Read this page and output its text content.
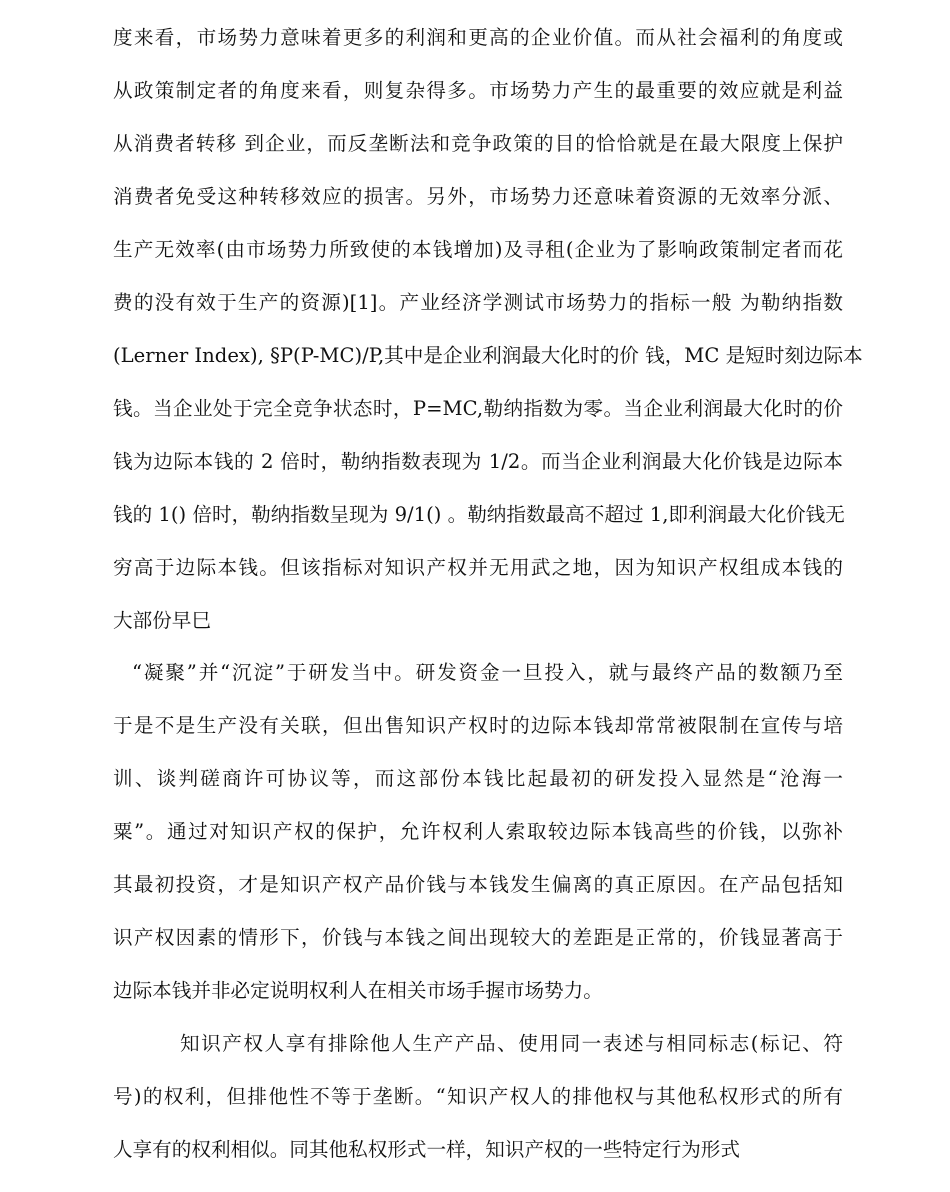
度来看，市场势力意味着更多的利润和更高的企业价值。而从社会福利的角度或
从政策制定者的角度来看，则复杂得多。市场势力产生的最重要的效应就是利益
从消费者转移 到企业，而反垄断法和竞争政策的目的恰恰就是在最大限度上保护
消费者免受这种转移效应的损害。另外，市场势力还意味着资源的无效率分派、
生产无效率(由市场势力所致使的本钱增加)及寻租(企业为了影响政策制定者而花
费的没有效于生产的资源)[1]。产业经济学测试市场势力的指标一般 为勒纳指数
(Lerner Index), §P(P-MC)/P,其中是企业利润最大化时的价 钱，MC 是短时刻边际本
钱。当企业处于完全竞争状态时，P=MC,勒纳指数为零。当企业利润最大化时的价
钱为边际本钱的 2 倍时，勒纳指数表现为 1/2。而当企业利润最大化价钱是边际本
钱的 1() 倍时，勒纳指数呈现为 9/1() 。勒纳指数最高不超过 1,即利润最大化价钱无
穷高于边际本钱。但该指标对知识产权并无用武之地，因为知识产权组成本钱的
大部份早巳
“凝聚”并“沉淀”于研发当中。研发资金一旦投入，就与最终产品的数额乃至
于是不是生产没有关联，但出售知识产权时的边际本钱却常常被限制在宣传与培
训、谈判磋商许可协议等，而这部份本钱比起最初的研发投入显然是“沧海一
粟”。通过对知识产权的保护，允许权利人索取较边际本钱高些的价钱，以弥补
其最初投资，才是知识产权产品价钱与本钱发生偏离的真正原因。在产品包括知
识产权因素的情形下，价钱与本钱之间出现较大的差距是正常的，价钱显著高于
边际本钱并非必定说明权利人在相关市场手握市场势力。
知识产权人享有排除他人生产产品、使用同一表述与相同标志(标记、符
号)的权利，但排他性不等于垄断。“知识产权人的排他权与其他私权形式的所有
人享有的权利相似。同其他私权形式一样，知识产权的一些特定行为形式
